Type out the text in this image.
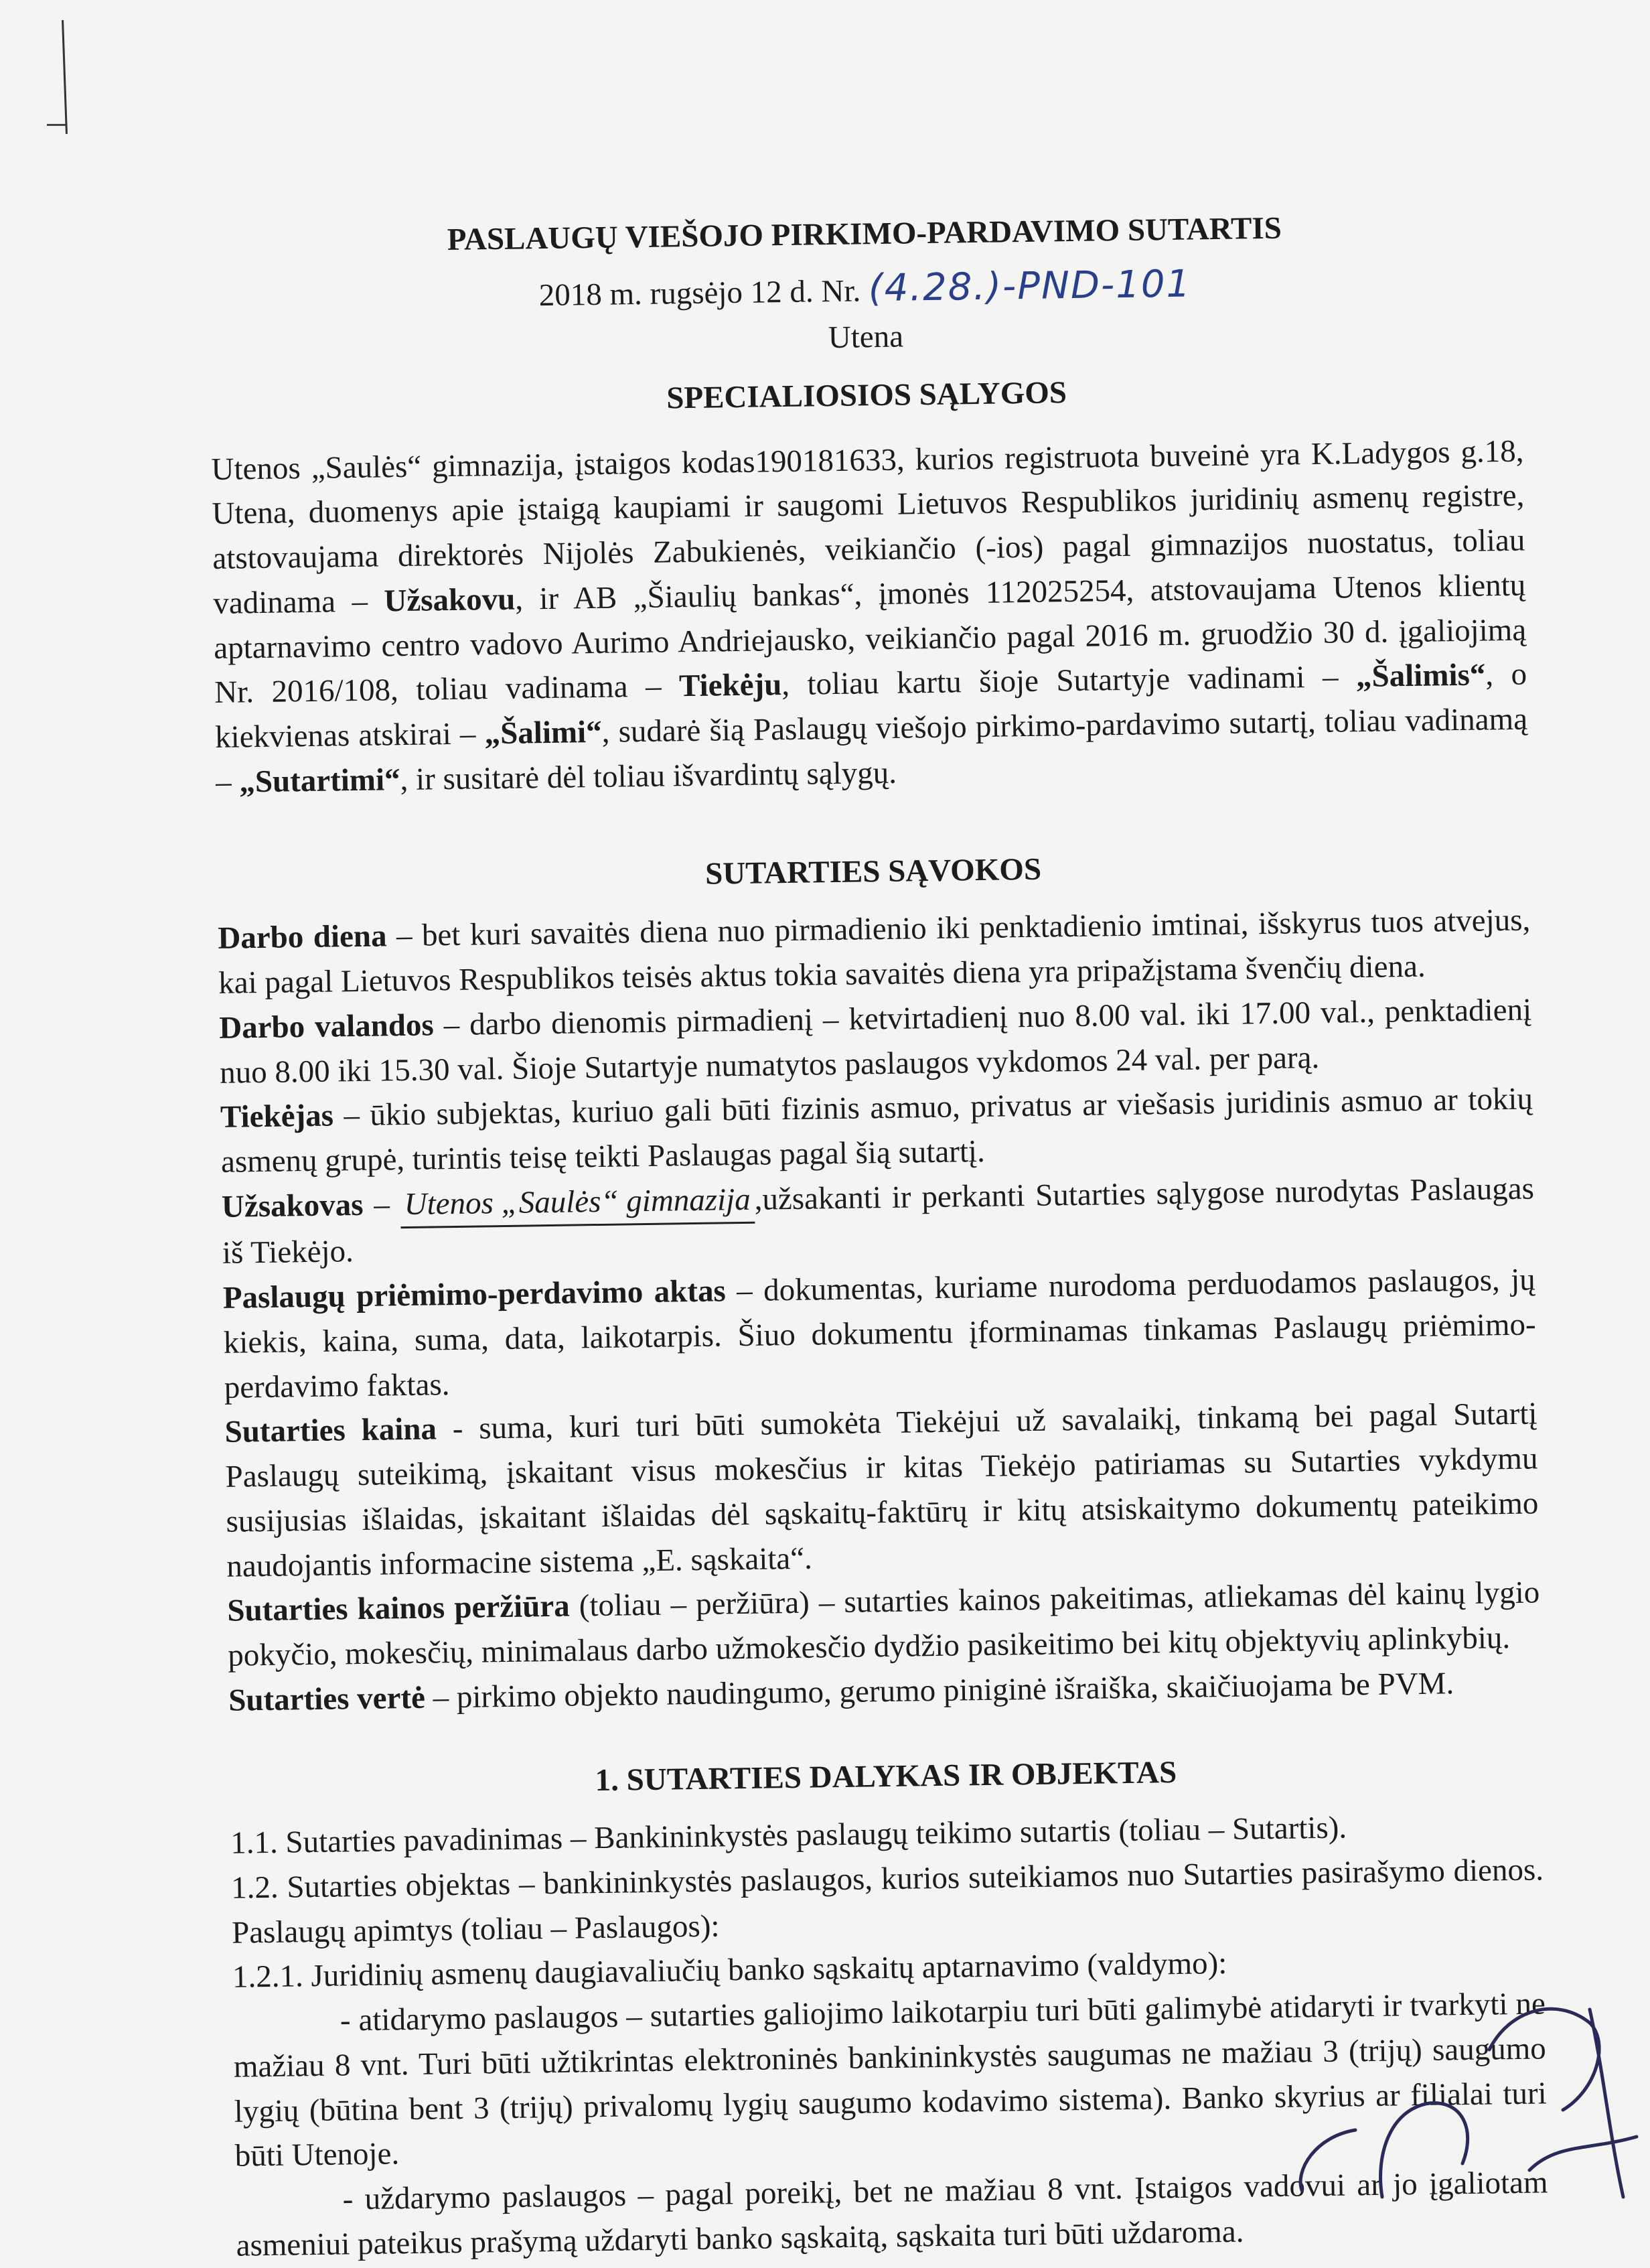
PASLAUGŲ VIEŠOJO PIRKIMO-PARDAVIMO SUTARTIS
2018 m. rugsėjo 12 d. Nr. (4.28.)-PND-101
Utena
SPECIALIOSIOS SĄLYGOS

Utenos „Saulės“ gimnazija, įstaigos kodas190181633, kurios registruota buveinė yra K.Ladygos g.18, Utena, duomenys apie įstaigą kaupiami ir saugomi Lietuvos Respublikos juridinių asmenų registre, atstovaujama direktorės Nijolės Zabukienės, veikiančio (-ios) pagal gimnazijos nuostatus, toliau vadinama – Užsakovu, ir AB „Šiaulių bankas“, įmonės 112025254, atstovaujama Utenos klientų aptarnavimo centro vadovo Aurimo Andriejausko, veikiančio pagal 2016 m. gruodžio 30 d. įgaliojimą Nr. 2016/108, toliau vadinama – Tiekėju, toliau kartu šioje Sutartyje vadinami – „Šalimis“, o kiekvienas atskirai – „Šalimi“, sudarė šią Paslaugų viešojo pirkimo-pardavimo sutartį, toliau vadinamą – „Sutartimi“, ir susitarė dėl toliau išvardintų sąlygų.

SUTARTIES SĄVOKOS

Darbo diena – bet kuri savaitės diena nuo pirmadienio iki penktadienio imtinai, išskyrus tuos atvejus, kai pagal Lietuvos Respublikos teisės aktus tokia savaitės diena yra pripažįstama švenčių diena.

Darbo valandos – darbo dienomis pirmadienį – ketvirtadienį nuo 8.00 val. iki 17.00 val., penktadienį nuo 8.00 iki 15.30 val. Šioje Sutartyje numatytos paslaugos vykdomos 24 val. per parą.

Tiekėjas – ūkio subjektas, kuriuo gali būti fizinis asmuo, privatus ar viešasis juridinis asmuo ar tokių asmenų grupė, turintis teisę teikti Paslaugas pagal šią sutartį.

Užsakovas – Utenos „Saulės“ gimnazija,užsakanti ir perkanti Sutarties sąlygose nurodytas Paslaugas iš Tiekėjo.

Paslaugų priėmimo-perdavimo aktas – dokumentas, kuriame nurodoma perduodamos paslaugos, jų kiekis, kaina, suma, data, laikotarpis. Šiuo dokumentu įforminamas tinkamas Paslaugų priėmimo-perdavimo faktas.

Sutarties kaina - suma, kuri turi būti sumokėta Tiekėjui už savalaikį, tinkamą bei pagal Sutartį Paslaugų suteikimą, įskaitant visus mokesčius ir kitas Tiekėjo patiriamas su Sutarties vykdymu susijusias išlaidas, įskaitant išlaidas dėl sąskaitų-faktūrų ir kitų atsiskaitymo dokumentų pateikimo naudojantis informacine sistema „E. sąskaita“.

Sutarties kainos peržiūra (toliau – peržiūra) – sutarties kainos pakeitimas, atliekamas dėl kainų lygio pokyčio, mokesčių, minimalaus darbo užmokesčio dydžio pasikeitimo bei kitų objektyvių aplinkybių.

Sutarties vertė – pirkimo objekto naudingumo, gerumo piniginė išraiška, skaičiuojama be PVM.

1. SUTARTIES DALYKAS IR OBJEKTAS

1.1. Sutarties pavadinimas – Bankininkystės paslaugų teikimo sutartis (toliau – Sutartis).

1.2. Sutarties objektas – bankininkystės paslaugos, kurios suteikiamos nuo Sutarties pasirašymo dienos. Paslaugų apimtys (toliau – Paslaugos):

1.2.1. Juridinių asmenų daugiavaliučių banko sąskaitų aptarnavimo (valdymo):

- atidarymo paslaugos – sutarties galiojimo laikotarpiu turi būti galimybė atidaryti ir tvarkyti ne mažiau 8 vnt. Turi būti užtikrintas elektroninės bankininkystės saugumas ne mažiau 3 (trijų) saugumo lygių (būtina bent 3 (trijų) privalomų lygių saugumo kodavimo sistema). Banko skyrius ar filialai turi būti Utenoje.

- uždarymo paslaugos – pagal poreikį, bet ne mažiau 8 vnt. Įstaigos vadovui ar jo įgaliotam asmeniui pateikus prašymą uždaryti banko sąskaitą, sąskaita turi būti uždaroma.
